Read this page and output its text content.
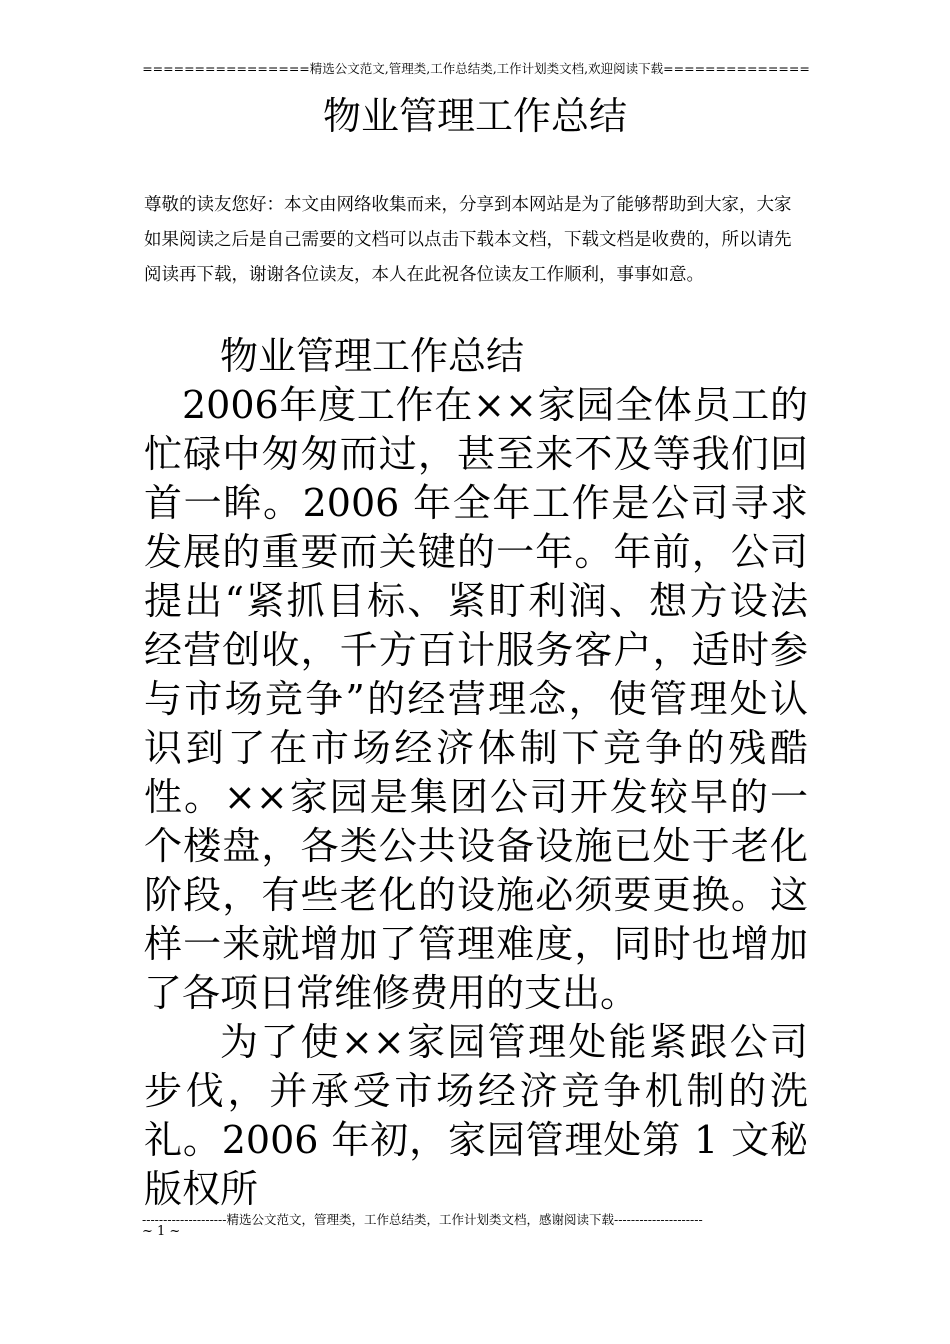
================精选公文范文,管理类,工作总结类,工作计划类文档,欢迎阅读下载==============
物业管理工作总结

尊敬的读友您好：本文由网络收集而来，分享到本网站是为了能够帮助到大家，大家如果阅读之后是自己需要的文档可以点击下载本文档，下载文档是收费的，所以请先阅读再下载，谢谢各位读友，本人在此祝各位读友工作顺利，事事如意。

物业管理工作总结

2006年度工作在××家园全体员工的忙碌中匆匆而过，甚至来不及等我们回首一眸。2006 年全年工作是公司寻求发展的重要而关键的一年。年前，公司提出“紧抓目标、紧盯利润、想方设法经营创收，千方百计服务客户，适时参与市场竞争”的经营理念，使管理处认识到了在市场经济体制下竞争的残酷性。××家园是集团公司开发较早的一个楼盘，各类公共设备设施已处于老化阶段，有些老化的设施必须要更换。这样一来就增加了管理难度，同时也增加了各项日常维修费用的支出。

为了使××家园管理处能紧跟公司步伐，并承受市场经济竞争机制的洗礼。2006 年初，家园管理处第 1 文秘版权所

--------------------精选公文范文，管理类，工作总结类，工作计划类文档，感谢阅读下载---------------------
~ 1 ~
